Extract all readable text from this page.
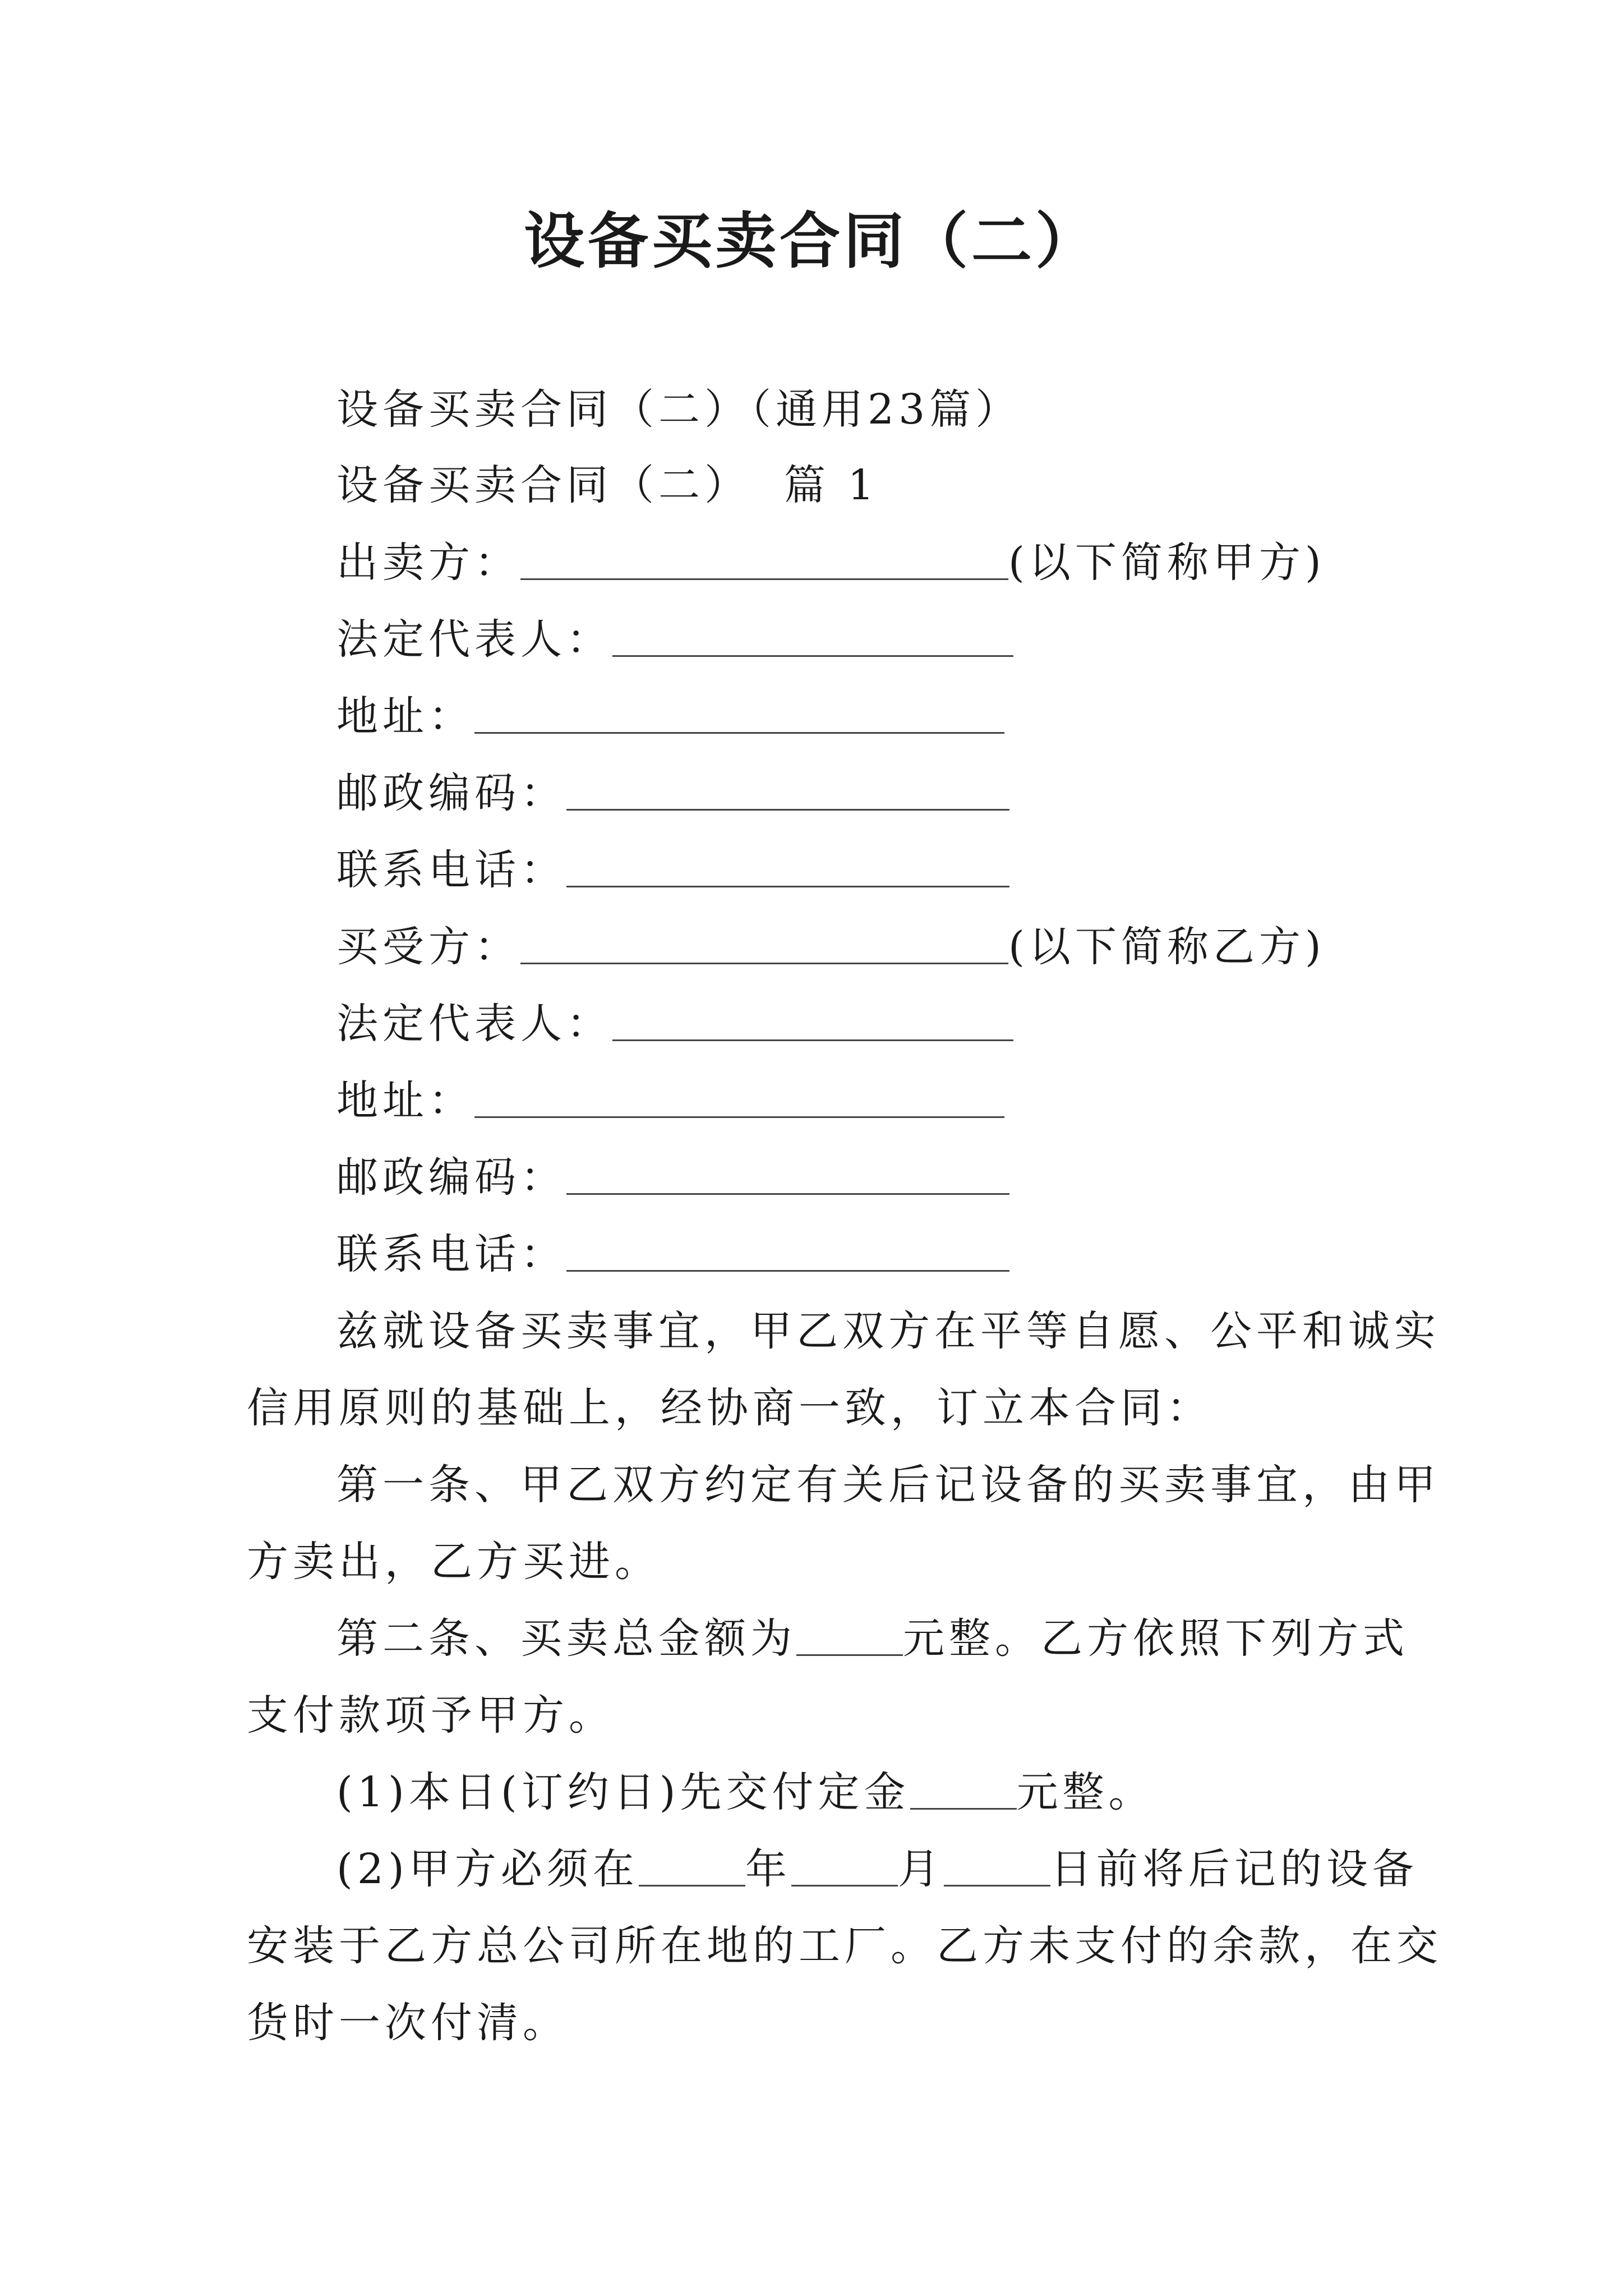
设备买卖合同（二）
设备买卖合同（二）（通用23篇）
设备买卖合同（二） 篇 1
出卖方：	(以下简称甲方)
法定代表人：
地址：
邮政编码：
联系电话：
买受方：	(以下简称乙方)
法定代表人：
地址：
邮政编码：
联系电话：
兹就设备买卖事宜，甲乙双方在平等自愿、公平和诚实
信用原则的基础上，经协商一致，订立本合同：
第一条、甲乙双方约定有关后记设备的买卖事宜，由甲
方卖出，乙方买进。
第二条、买卖总金额为	元整。乙方依照下列方式
支付款项予甲方。
(1)本日(订约日)先交付定金	元整。
(2)甲方必须在	年	月	日前将后记的设备
安装于乙方总公司所在地的工厂。乙方未支付的余款，在交
货时一次付清。
